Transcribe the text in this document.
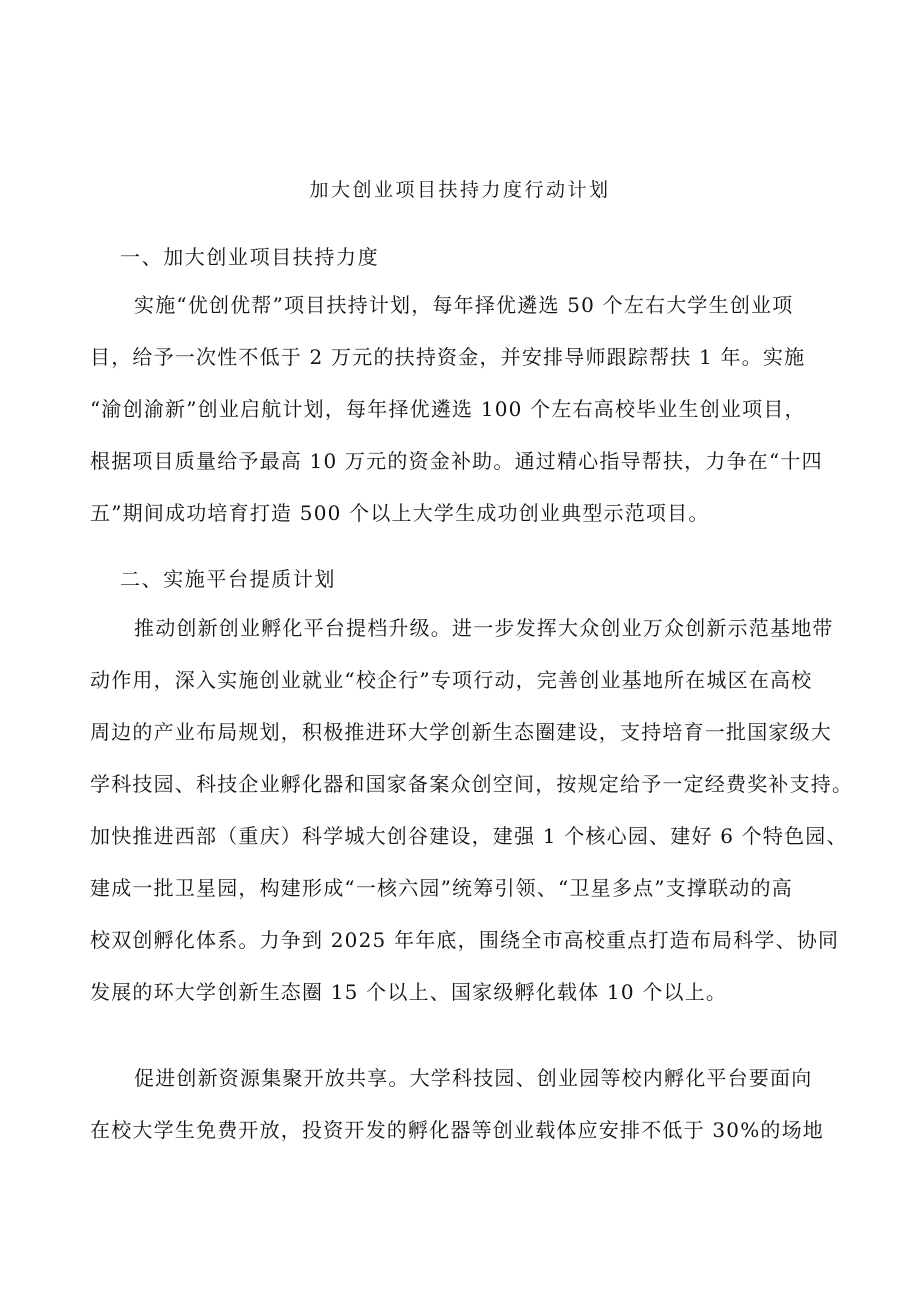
加大创业项目扶持力度行动计划
一、加大创业项目扶持力度
实施“优创优帮”项目扶持计划，每年择优遴选 50 个左右大学生创业项
目，给予一次性不低于 2 万元的扶持资金，并安排导师跟踪帮扶 1 年。实施
“渝创渝新”创业启航计划，每年择优遴选 100 个左右高校毕业生创业项目，
根据项目质量给予最高 10 万元的资金补助。通过精心指导帮扶，力争在“十四
五”期间成功培育打造 500 个以上大学生成功创业典型示范项目。
二、实施平台提质计划
推动创新创业孵化平台提档升级。进一步发挥大众创业万众创新示范基地带
动作用，深入实施创业就业“校企行”专项行动，完善创业基地所在城区在高校
周边的产业布局规划，积极推进环大学创新生态圈建设，支持培育一批国家级大
学科技园、科技企业孵化器和国家备案众创空间，按规定给予一定经费奖补支持。
加快推进西部（重庆）科学城大创谷建设，建强 1 个核心园、建好 6 个特色园、
建成一批卫星园，构建形成“一核六园”统筹引领、“卫星多点”支撑联动的高
校双创孵化体系。力争到 2025 年年底，围绕全市高校重点打造布局科学、协同
发展的环大学创新生态圈 15 个以上、国家级孵化载体 10 个以上。
促进创新资源集聚开放共享。大学科技园、创业园等校内孵化平台要面向
在校大学生免费开放，投资开发的孵化器等创业载体应安排不低于 30%的场地
